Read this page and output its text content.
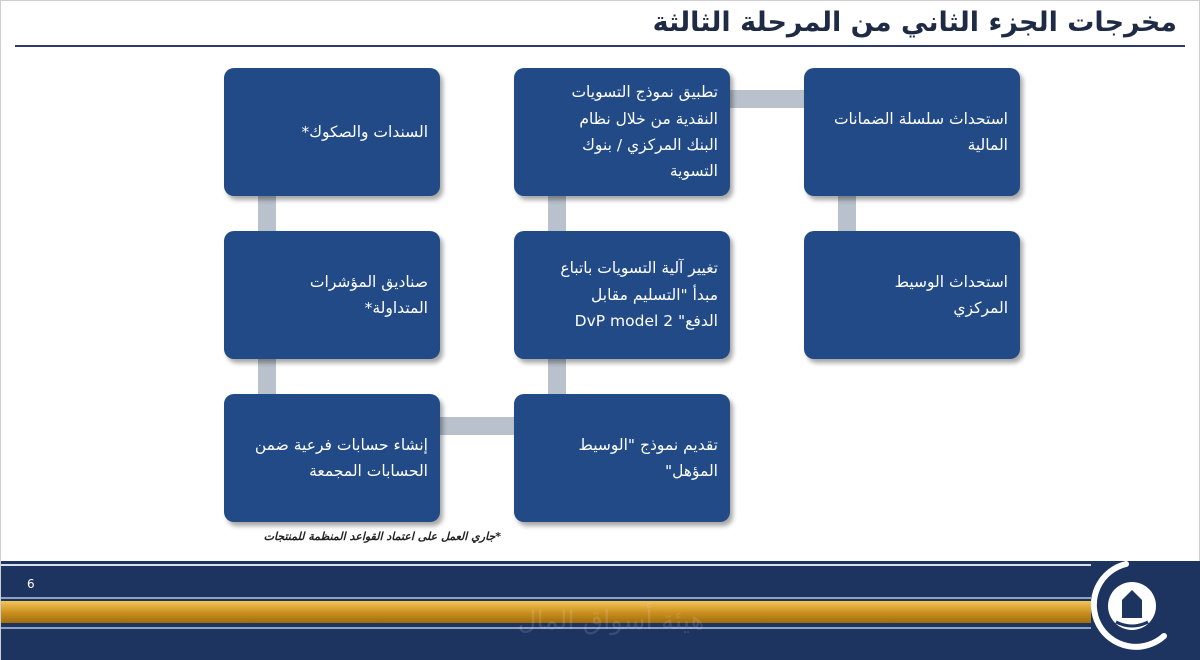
مخرجات الجزء الثاني من المرحلة الثالثة
استحداث سلسلة الضمانات
المالية
استحداث الوسيط
المركزي
تطبيق نموذج التسويات
النقدية من خلال نظام
البنك المركزي / بنوك
التسوية
تغيير آلية التسويات باتباع
مبدأ "التسليم مقابل
الدفع" DvP model 2
تقديم نموذج "الوسيط
المؤهل"
السندات والصكوك*
صناديق المؤشرات
المتداولة*
إنشاء حسابات فرعية ضمن
الحسابات المجمعة
*جاري العمل على اعتماد القواعد المنظمة للمنتجات
6
هيئة أسواق المال
